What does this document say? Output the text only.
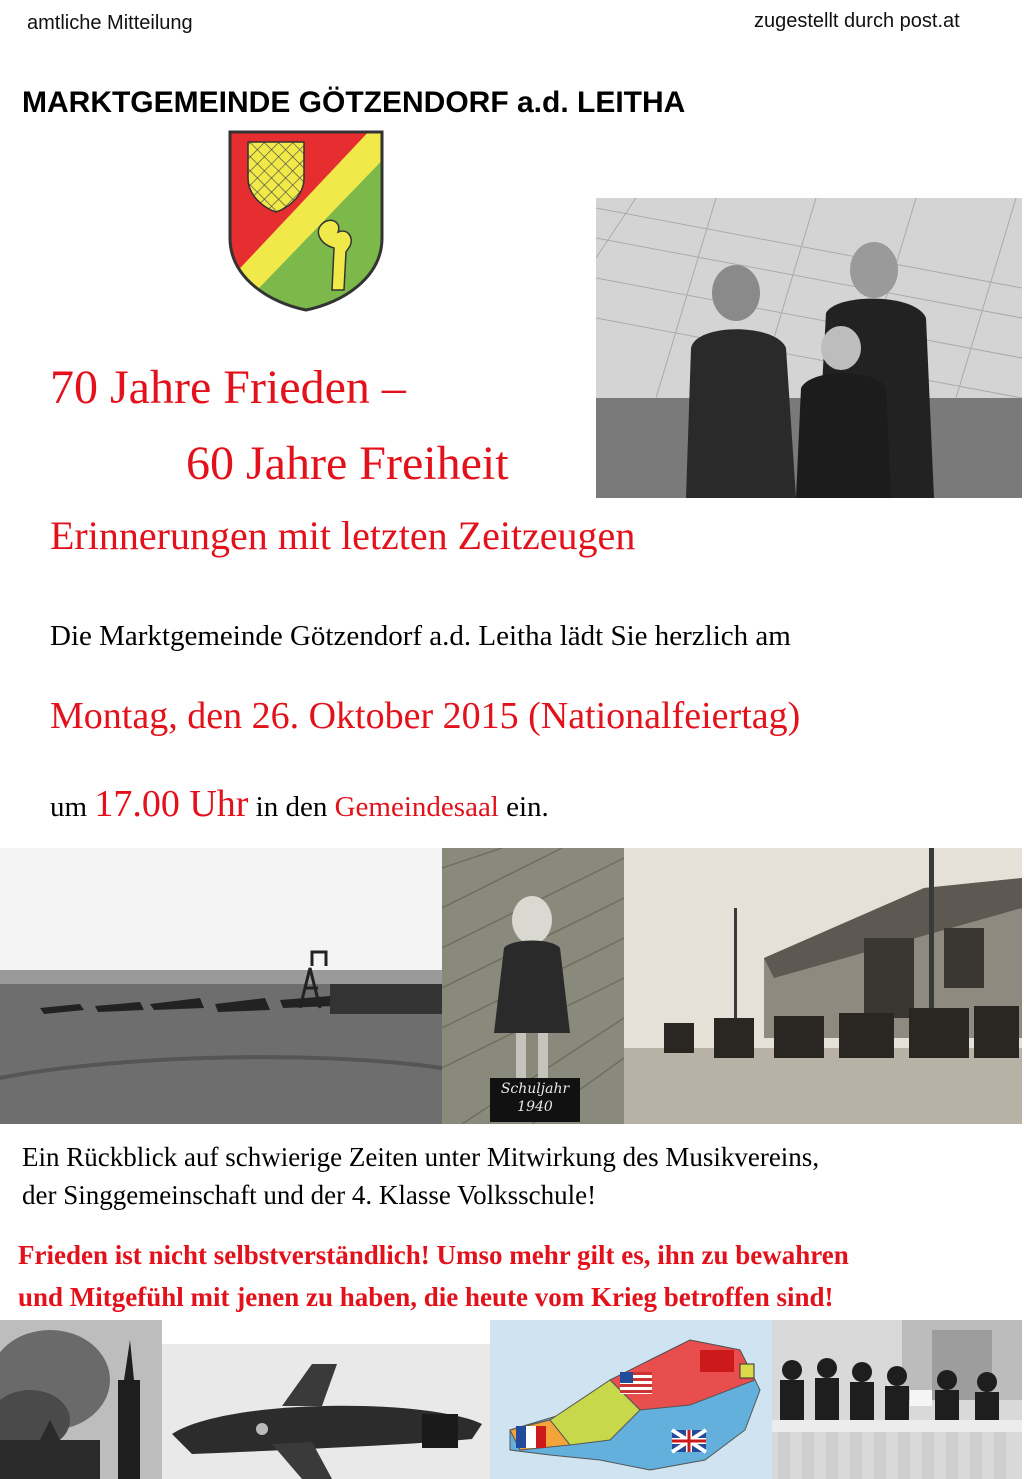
amtliche Mitteilung	zugestellt durch post.at
MARKTGEMEINDE GÖTZENDORF a.d. LEITHA
70 Jahre Frieden –
60 Jahre Freiheit
Erinnerungen mit letzten Zeitzeugen
Die Marktgemeinde Götzendorf a.d. Leitha lädt Sie herzlich am
Montag, den 26. Oktober 2015 (Nationalfeiertag)
um 17.00 Uhr in den Gemeindesaal ein.
Schuljahr
1940
Ein Rückblick auf schwierige Zeiten unter Mitwirkung des Musikvereins,
der Singgemeinschaft und der 4. Klasse Volksschule!
Frieden ist nicht selbstverständlich! Umso mehr gilt es, ihn zu bewahren
und Mitgefühl mit jenen zu haben, die heute vom Krieg betroffen sind!
